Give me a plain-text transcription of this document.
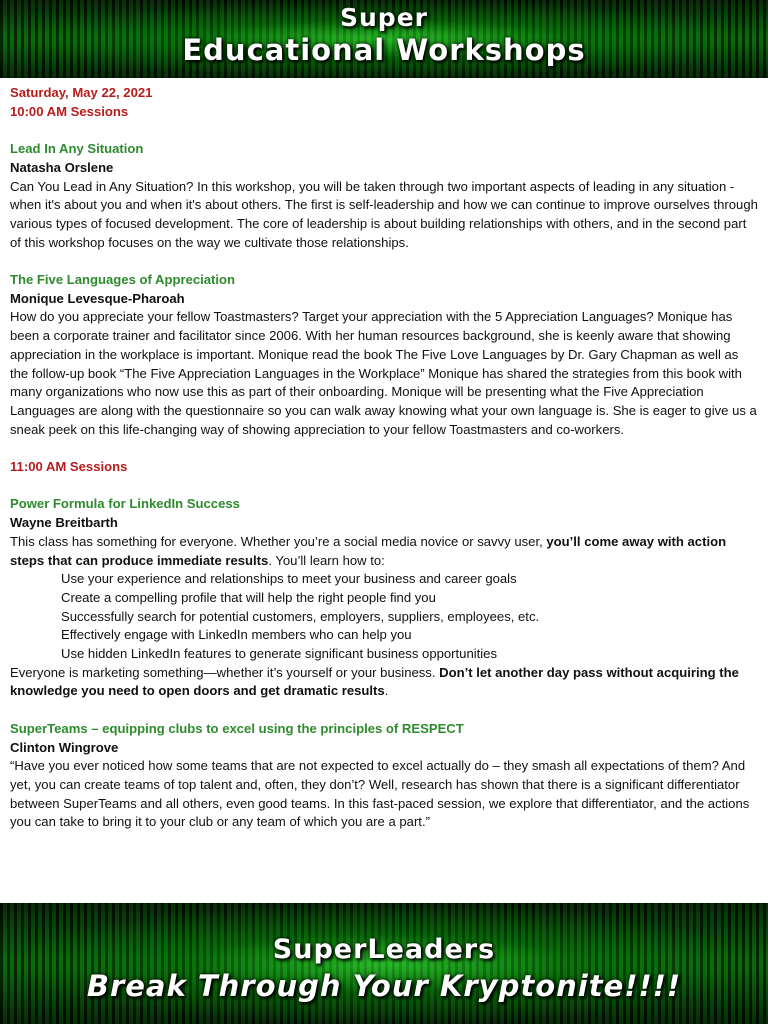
Super
Educational Workshops
Saturday, May 22, 2021
10:00 AM Sessions
Lead In Any Situation
Natasha Orslene

Can You Lead in Any Situation? In this workshop, you will be taken through two important aspects of leading in any situation - when it's about you and when it's about others. The first is self-leadership and how we can continue to improve ourselves through various types of focused development. The core of leadership is about building relationships with others, and in the second part of this workshop focuses on the way we cultivate those relationships.

The Five Languages of Appreciation
Monique Levesque-Pharoah

How do you appreciate your fellow Toastmasters? Target your appreciation with the 5 Appreciation Languages? Monique has been a corporate trainer and facilitator since 2006. With her human resources background, she is keenly aware that showing appreciation in the workplace is important. Monique read the book The Five Love Languages by Dr. Gary Chapman as well as the follow-up book “The Five Appreciation Languages in the Workplace” Monique has shared the strategies from this book with many organizations who now use this as part of their onboarding. Monique will be presenting what the Five Appreciation Languages are along with the questionnaire so you can walk away knowing what your own language is. She is eager to give us a sneak peek on this life-changing way of showing appreciation to your fellow Toastmasters and co-workers.

11:00 AM Sessions
Power Formula for LinkedIn Success
Wayne Breitbarth

This class has something for everyone. Whether you’re a social media novice or savvy user, you’ll come away with action steps that can produce immediate results. You’ll learn how to:

Use your experience and relationships to meet your business and career goals
Create a compelling profile that will help the right people find you
Successfully search for potential customers, employers, suppliers, employees, etc.
Effectively engage with LinkedIn members who can help you
Use hidden LinkedIn features to generate significant business opportunities

Everyone is marketing something—whether it’s yourself or your business. Don’t let another day pass without acquiring the knowledge you need to open doors and get dramatic results.

SuperTeams – equipping clubs to excel using the principles of RESPECT
Clinton Wingrove

“Have you ever noticed how some teams that are not expected to excel actually do – they smash all expectations of them? And yet, you can create teams of top talent and, often, they don’t? Well, research has shown that there is a significant differentiator between SuperTeams and all others, even good teams. In this fast-paced session, we explore that differentiator, and the actions you can take to bring it to your club or any team of which you are a part.”

SuperLeaders
Break Through Your Kryptonite!!!!
